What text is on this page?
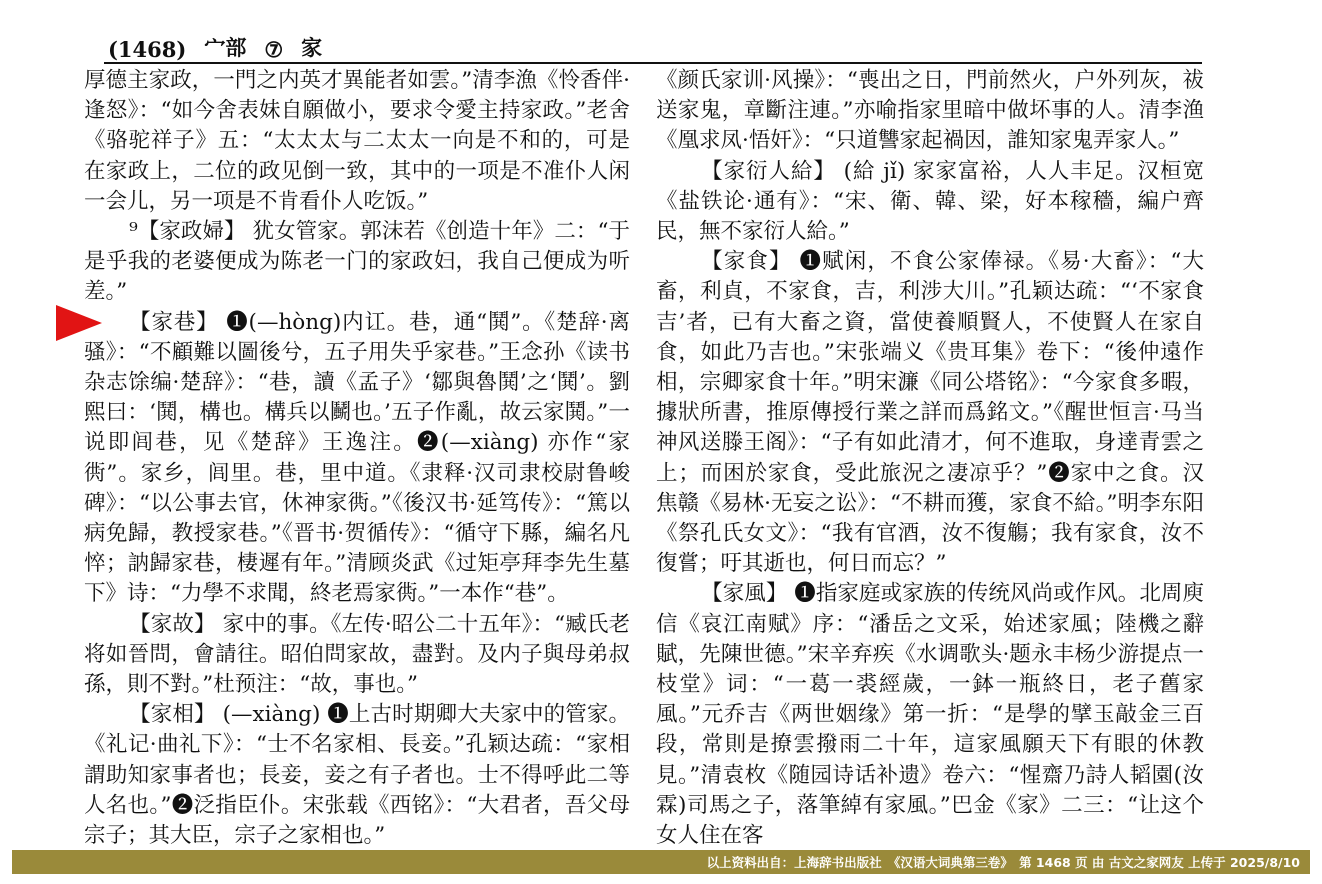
(1468) 宀部 ⑦ 家

厚德主家政，一門之内英才異能者如雲。”清李漁《怜香伴·逢怒》：“如今舍表妹自願做小，要求令愛主持家政。”老舍《骆驼祥子》五：“太太太与二太太一向是不和的，可是在家政上，二位的政见倒一致，其中的一项是不准仆人闲一会儿，另一项是不肯看仆人吃饭。”

⁹【家政婦】 犹女管家。郭沫若《创造十年》二：“于是乎我的老婆便成为陈老一门的家政妇，我自己便成为听差。”

【家巷】 ❶(—hòng)内讧。巷，通“鬨”。《楚辞·离骚》：“不顧難以圖後兮，五子用失乎家巷。”王念孙《读书杂志馀编·楚辞》：“巷，讀《孟子》‘鄒與魯鬨’之‘鬨’。劉熙曰：‘鬨，構也。構兵以鬭也。’五子作亂，故云家鬨。”一说即闾巷，见《楚辞》王逸注。❷(—xiàng) 亦作“家衖”。家乡，闾里。巷，里中道。《隶释·汉司隶校尉鲁峻碑》：“以公事去官，休神家衖。”《後汉书·延笃传》：“篤以病免歸，教授家巷。”《晋书·贺循传》：“循守下縣，編名凡悴；訥歸家巷，棲遲有年。”清顾炎武《过矩亭拜李先生墓下》诗：“力學不求聞，終老焉家衖。”一本作“巷”。

【家故】 家中的事。《左传·昭公二十五年》：“臧氏老将如晉問，會請往。昭伯問家故，盡對。及内子與母弟叔孫，則不對。”杜预注：“故，事也。”

【家相】 (—xiàng) ❶上古时期卿大夫家中的管家。《礼记·曲礼下》：“士不名家相、長妾。”孔颖达疏：“家相謂助知家事者也；長妾，妾之有子者也。士不得呼此二等人名也。”❷泛指臣仆。宋张载《西铭》：“大君者，吾父母宗子；其大臣，宗子之家相也。”

《颜氏家训·风操》：“喪出之日，門前然火，户外列灰，祓送家鬼，章斷注連。”亦喻指家里暗中做坏事的人。清李渔《凰求凤·悟奸》：“只道讐家起禍因，誰知家鬼弄家人。”

【家衍人給】 (給 jǐ) 家家富裕，人人丰足。汉桓宽《盐铁论·通有》：“宋、衛、韓、梁，好本稼穡，編户齊民，無不家衍人給。”

【家食】 ❶赋闲，不食公家俸禄。《易·大畜》：“大畜，利貞，不家食，吉，利涉大川。”孔颖达疏：“‘不家食吉’者，已有大畜之資，當使養順賢人，不使賢人在家自食，如此乃吉也。”宋张端义《贵耳集》卷下：“後仲遠作相，宗卿家食十年。”明宋濂《同公塔铭》：“今家食多暇，據狀所書，推原傳授行業之詳而爲銘文。”《醒世恒言·马当神风送滕王阁》：“子有如此清才，何不進取，身達青雲之上；而困於家食，受此旅況之凄凉乎？”❷家中之食。汉焦赣《易林·无妄之讼》：“不耕而獲，家食不給。”明李东阳《祭孔氏女文》：“我有官酒，汝不復觴；我有家食，汝不復嘗；吁其逝也，何日而忘？”

【家風】 ❶指家庭或家族的传统风尚或作风。北周庾信《哀江南赋》序：“潘岳之文采，始述家風；陸機之辭賦，先陳世德。”宋辛弃疾《水调歌头·题永丰杨少游提点一枝堂》词：“一葛一裘經歲，一鉢一瓶終日，老子舊家風。”元乔吉《两世姻缘》第一折：“是學的擘玉敲金三百段，常則是撩雲撥雨二十年，這家風願天下有眼的休教見。”清袁枚《随园诗话补遗》卷六：“惺齋乃詩人韬園(汝霖)司馬之子，落筆綽有家風。”巴金《家》二三：“让这个女人住在客

以上资料出自：上海辞书出版社　《汉语大词典第三卷》　第 1468 页 由 古文之家网友 上传于 2025/8/10
